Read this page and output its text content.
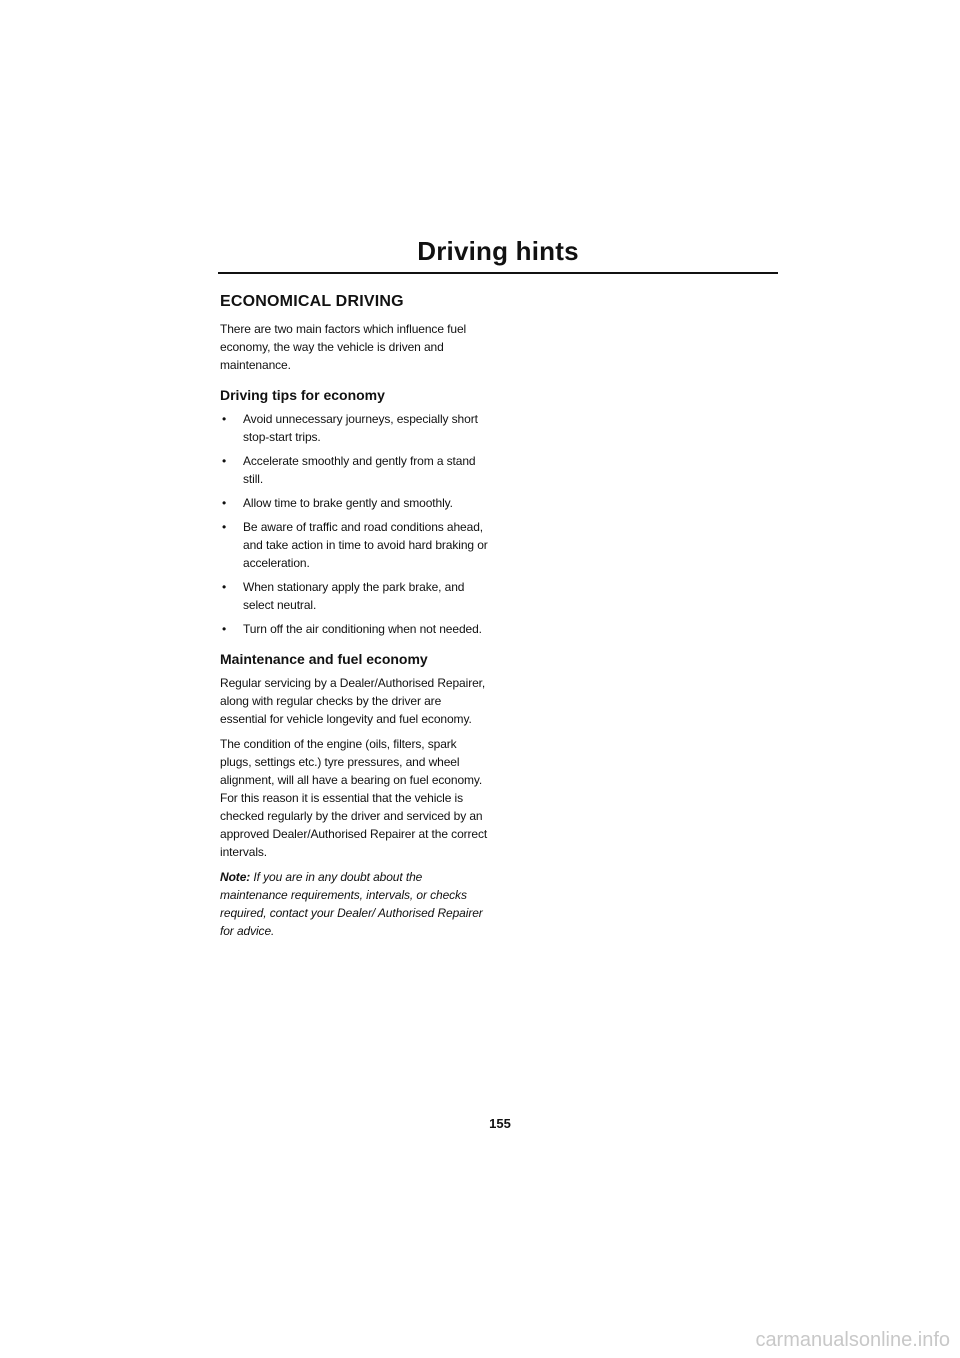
Driving hints
ECONOMICAL DRIVING

There are two main factors which influence fuel economy, the way the vehicle is driven and maintenance.

Driving tips for economy
• Avoid unnecessary journeys, especially short stop-start trips.
• Accelerate smoothly and gently from a stand still.
• Allow time to brake gently and smoothly.
• Be aware of traffic and road conditions ahead, and take action in time to avoid hard braking or acceleration.
• When stationary apply the park brake, and select neutral.
• Turn off the air conditioning when not needed.
Maintenance and fuel economy

Regular servicing by a Dealer/Authorised Repairer, along with regular checks by the driver are essential for vehicle longevity and fuel economy.

The condition of the engine (oils, filters, spark plugs, settings etc.) tyre pressures, and wheel alignment, will all have a bearing on fuel economy. For this reason it is essential that the vehicle is checked regularly by the driver and serviced by an approved Dealer/Authorised Repairer at the correct intervals.

Note: If you are in any doubt about the maintenance requirements, intervals, or checks required, contact your Dealer/ Authorised Repairer for advice.

155
carmanualsonline.info
